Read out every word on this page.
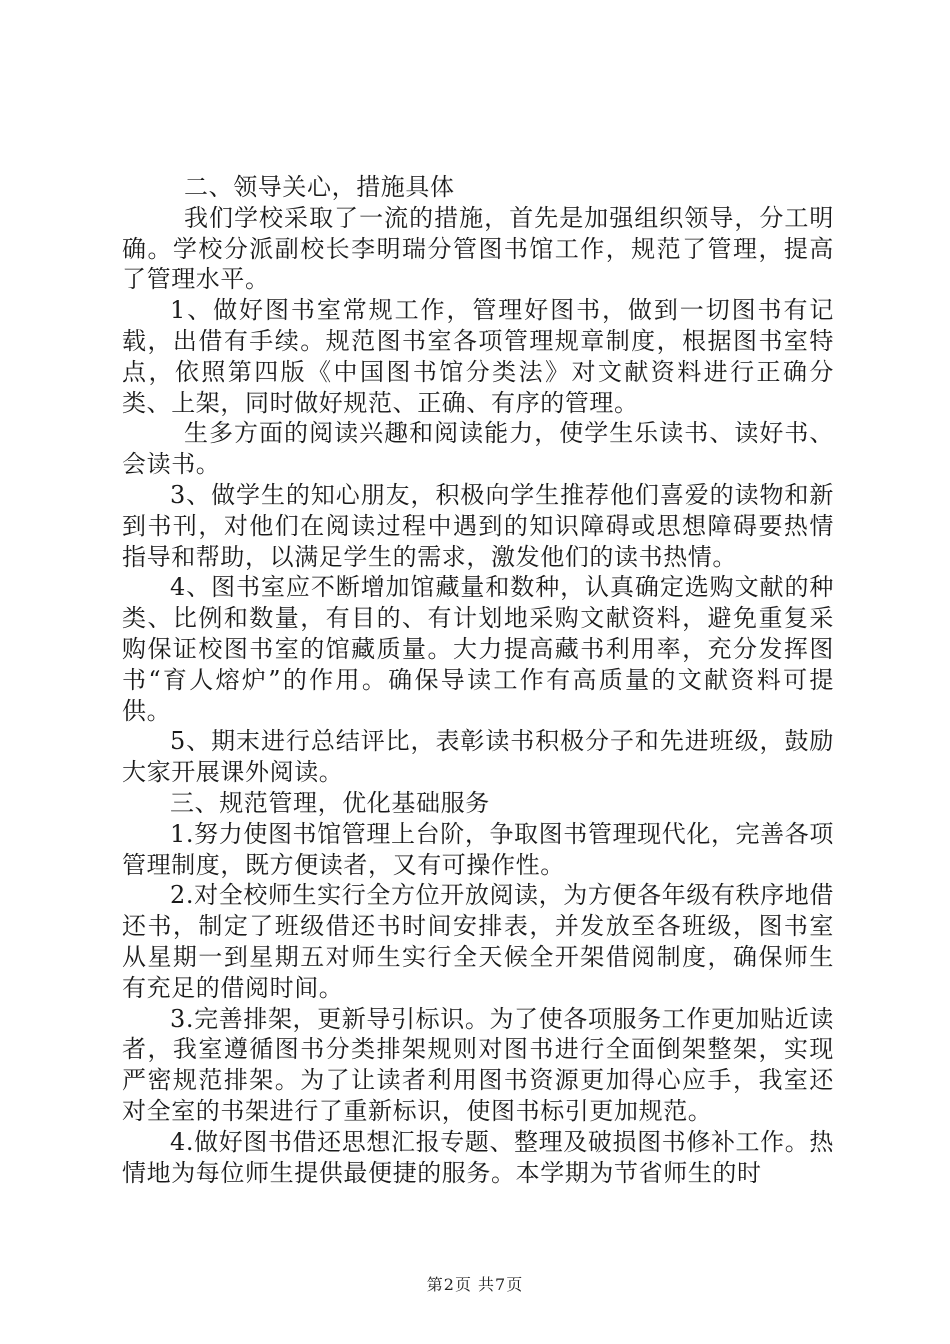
二、领导关心，措施具体

我们学校采取了一流的措施，首先是加强组织领导，分工明确。学校分派副校长李明瑞分管图书馆工作，规范了管理，提高了管理水平。

1、做好图书室常规工作，管理好图书，做到一切图书有记载，出借有手续。规范图书室各项管理规章制度，根据图书室特点，依照第四版《中国图书馆分类法》对文献资料进行正确分类、上架，同时做好规范、正确、有序的管理。

生多方面的阅读兴趣和阅读能力，使学生乐读书、读好书、会读书。

3、做学生的知心朋友，积极向学生推荐他们喜爱的读物和新到书刊，对他们在阅读过程中遇到的知识障碍或思想障碍要热情指导和帮助，以满足学生的需求，激发他们的读书热情。

4、图书室应不断增加馆藏量和数种，认真确定选购文献的种类、比例和数量，有目的、有计划地采购文献资料，避免重复采购保证校图书室的馆藏质量。大力提高藏书利用率，充分发挥图书“育人熔炉”的作用。确保导读工作有高质量的文献资料可提供。

5、期末进行总结评比，表彰读书积极分子和先进班级，鼓励大家开展课外阅读。

三、规范管理，优化基础服务

1.努力使图书馆管理上台阶，争取图书管理现代化，完善各项管理制度，既方便读者，又有可操作性。

2.对全校师生实行全方位开放阅读，为方便各年级有秩序地借还书，制定了班级借还书时间安排表，并发放至各班级，图书室从星期一到星期五对师生实行全天候全开架借阅制度，确保师生有充足的借阅时间。

3.完善排架，更新导引标识。为了使各项服务工作更加贴近读者，我室遵循图书分类排架规则对图书进行全面倒架整架，实现严密规范排架。为了让读者利用图书资源更加得心应手，我室还对全室的书架进行了重新标识，使图书标引更加规范。

4.做好图书借还思想汇报专题、整理及破损图书修补工作。热情地为每位师生提供最便捷的服务。本学期为节省师生的时

第2页 共7页
